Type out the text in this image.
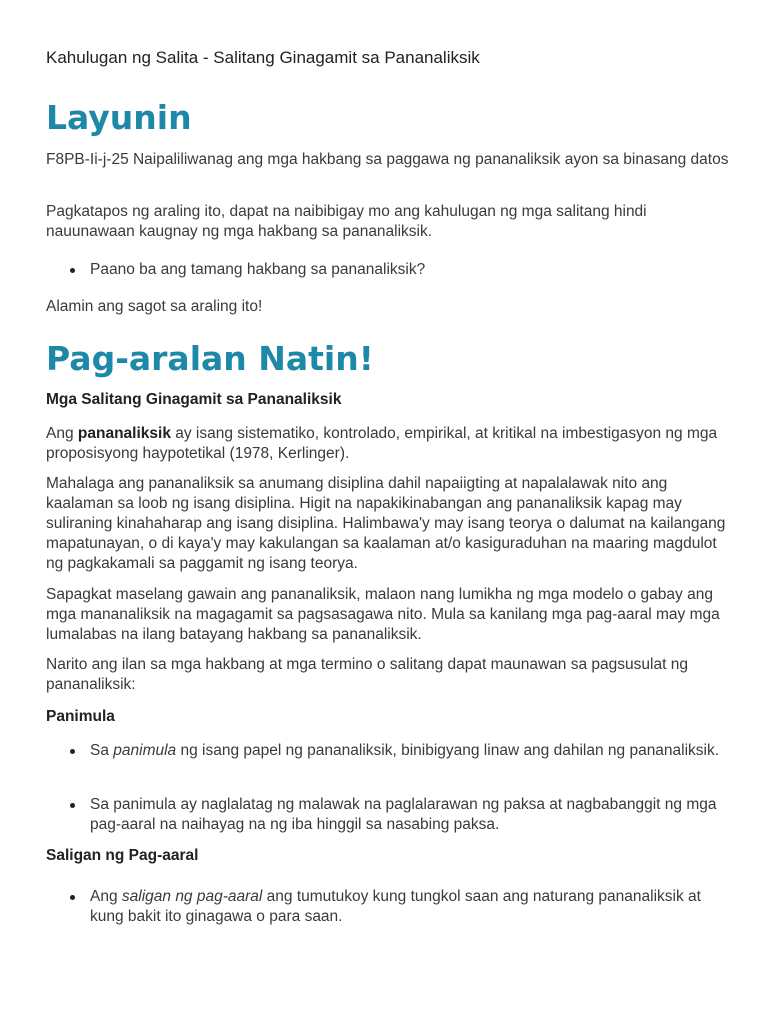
Kahulugan ng Salita - Salitang Ginagamit sa Pananaliksik
Layunin

F8PB-Ii-j-25 Naipaliliwanag ang mga hakbang sa paggawa ng pananaliksik ayon sa binasang datos

Pagkatapos ng araling ito, dapat na naibibigay mo ang kahulugan ng mga salitang hindi nauunawaan kaugnay ng mga hakbang sa pananaliksik.

Paano ba ang tamang hakbang sa pananaliksik?

Alamin ang sagot sa araling ito!

Pag-aralan Natin!
Mga Salitang Ginagamit sa Pananaliksik

Ang pananaliksik ay isang sistematiko, kontrolado, empirikal, at kritikal na imbestigasyon ng mga proposisyong haypotetikal (1978, Kerlinger).

Mahalaga ang pananaliksik sa anumang disiplina dahil napaiigting at napalalawak nito ang kaalaman sa loob ng isang disiplina. Higit na napakikinabangan ang pananaliksik kapag may suliraning kinahaharap ang isang disiplina. Halimbawa'y may isang teorya o dalumat na kailangang mapatunayan, o di kaya'y may kakulangan sa kaalaman at/o kasiguraduhan na maaring magdulot ng pagkakamali sa paggamit ng isang teorya.

Sapagkat maselang gawain ang pananaliksik, malaon nang lumikha ng mga modelo o gabay ang mga mananaliksik na magagamit sa pagsasagawa nito. Mula sa kanilang mga pag-aaral may mga lumalabas na ilang batayang hakbang sa pananaliksik.

Narito ang ilan sa mga hakbang at mga termino o salitang dapat maunawan sa pagsusulat ng pananaliksik:

Panimula
Sa panimula ng isang papel ng pananaliksik, binibigyang linaw ang dahilan ng pananaliksik.
Sa panimula ay naglalatag ng malawak na paglalarawan ng paksa at nagbabanggit ng mga pag-aaral na naihayag na ng iba hinggil sa nasabing paksa.
Saligan ng Pag-aaral
Ang saligan ng pag-aaral ang tumutukoy kung tungkol saan ang naturang pananaliksik at kung bakit ito ginagawa o para saan.
